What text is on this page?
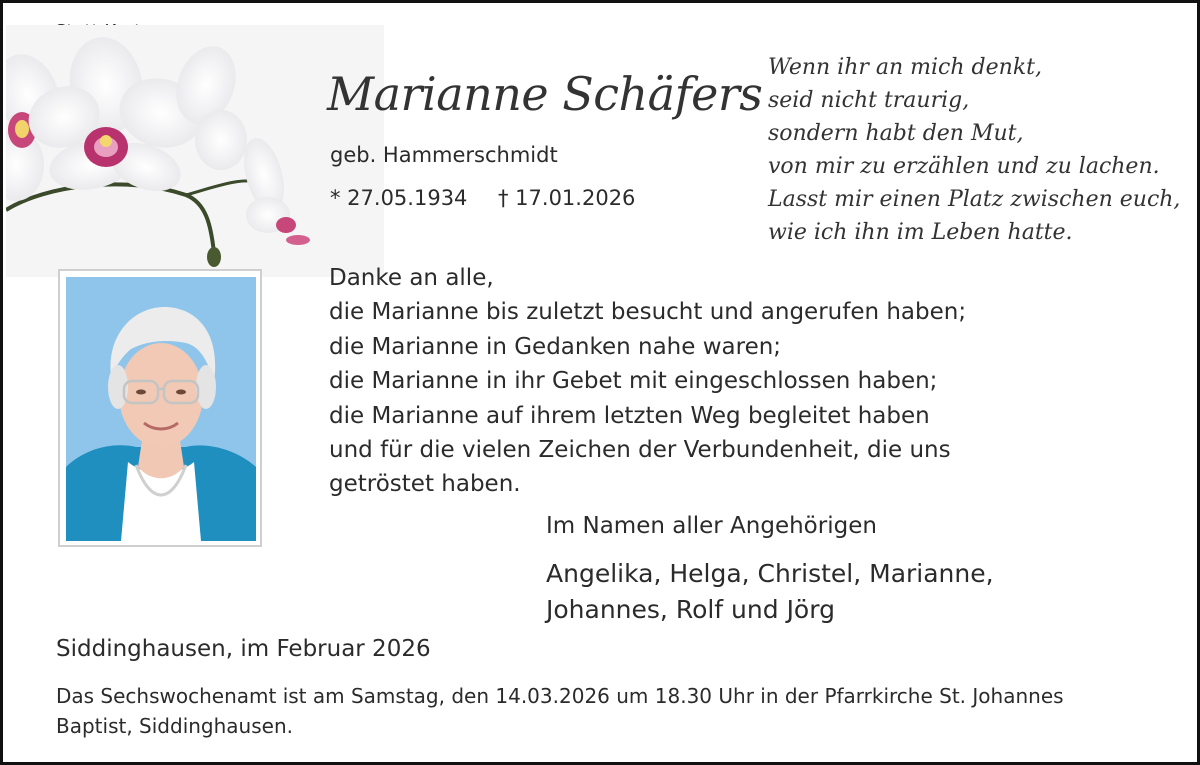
Marianne Schäfers
geb. Hammerschmidt
* 27.05.1934 † 17.01.2026
Wenn ihr an mich denkt,
seid nicht traurig,
sondern habt den Mut,
von mir zu erzählen und zu lachen.
Lasst mir einen Platz zwischen euch,
wie ich ihn im Leben hatte.
Danke an alle,
die Marianne bis zuletzt besucht und angerufen haben;
die Marianne in Gedanken nahe waren;
die Marianne in ihr Gebet mit eingeschlossen haben;
die Marianne auf ihrem letzten Weg begleitet haben
und für die vielen Zeichen der Verbundenheit, die uns
getröstet haben.
Im Namen aller Angehörigen
Angelika, Helga, Christel, Marianne,
Johannes, Rolf und Jörg
Siddinghausen, im Februar 2026
Das Sechswochenamt ist am Samstag, den 14.03.2026 um 18.30 Uhr in der Pfarrkirche St. Johannes
Baptist, Siddinghausen.
